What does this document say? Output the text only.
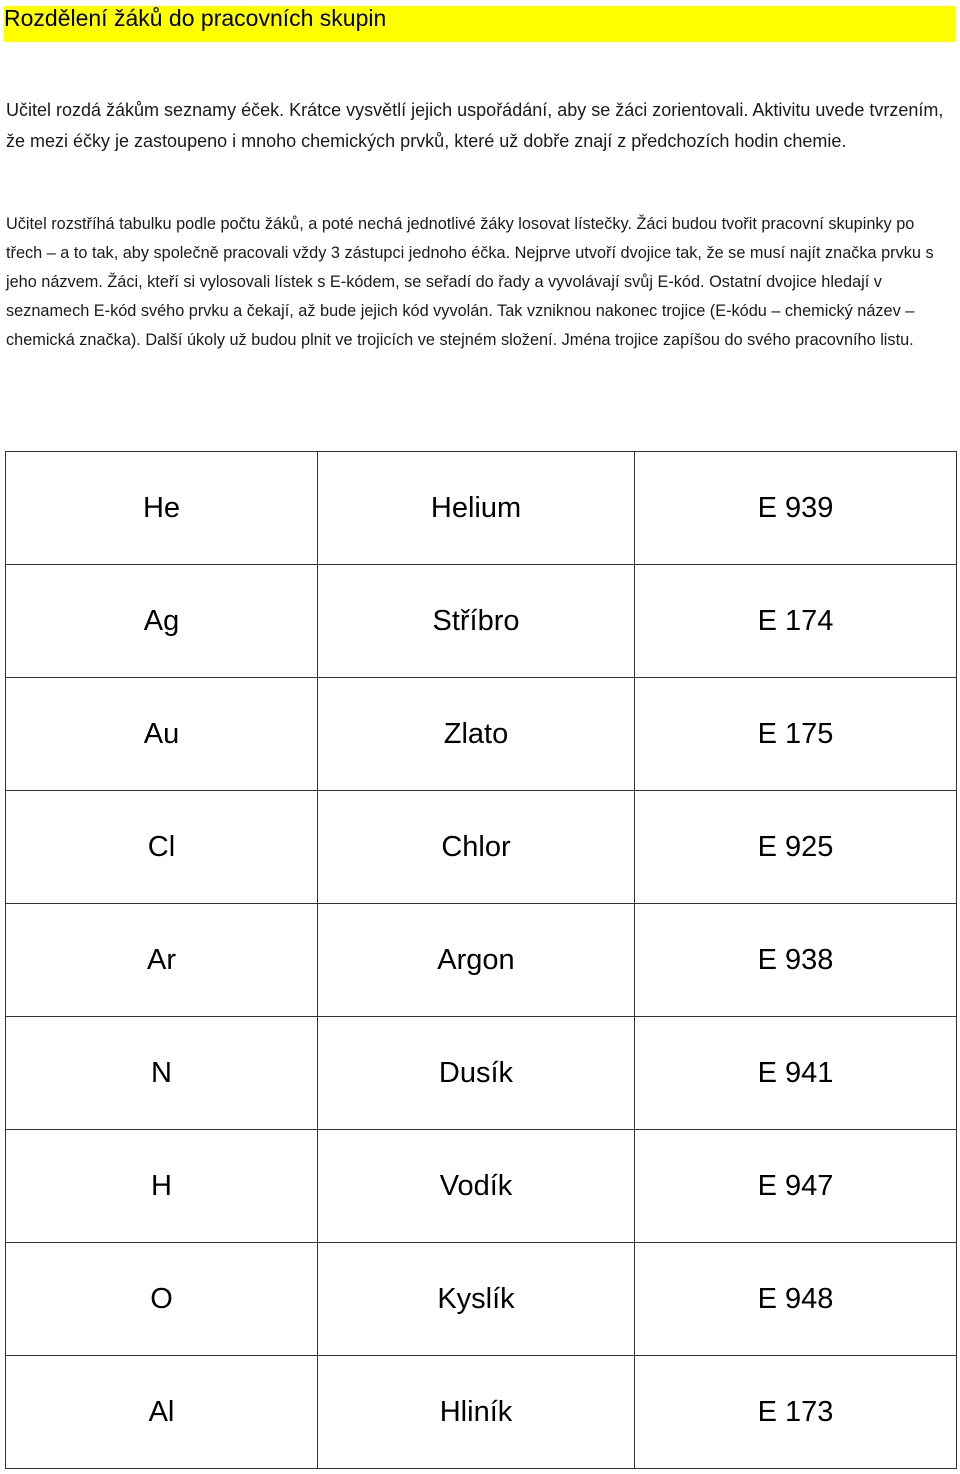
Rozdělení žáků do pracovních skupin

Učitel rozdá žákům seznamy éček. Krátce vysvětlí jejich uspořádání, aby se žáci zorientovali. Aktivitu uvede tvrzením, že mezi éčky je zastoupeno i mnoho chemických prvků, které už dobře znají z předchozích hodin chemie.

Učitel rozstříhá tabulku podle počtu žáků, a poté nechá jednotlivé žáky losovat lístečky. Žáci budou tvořit pracovní skupinky po třech – a to tak, aby společně pracovali vždy 3 zástupci jednoho éčka. Nejprve utvoří dvojice tak, že se musí najít značka prvku s jeho názvem. Žáci, kteří si vylosovali lístek s E-kódem, se seřadí do řady a vyvolávají svůj E-kód. Ostatní dvojice hledají v seznamech E-kód svého prvku a čekají, až bude jejich kód vyvolán. Tak vzniknou nakonec trojice (E-kódu – chemický název – chemická značka). Další úkoly už budou plnit ve trojicích ve stejném složení. Jména trojice zapíšou do svého pracovního listu.

He	Helium	E 939
Ag	Stříbro	E 174
Au	Zlato	E 175
Cl	Chlor	E 925
Ar	Argon	E 938
N	Dusík	E 941
H	Vodík	E 947
O	Kyslík	E 948
Al	Hliník	E 173
